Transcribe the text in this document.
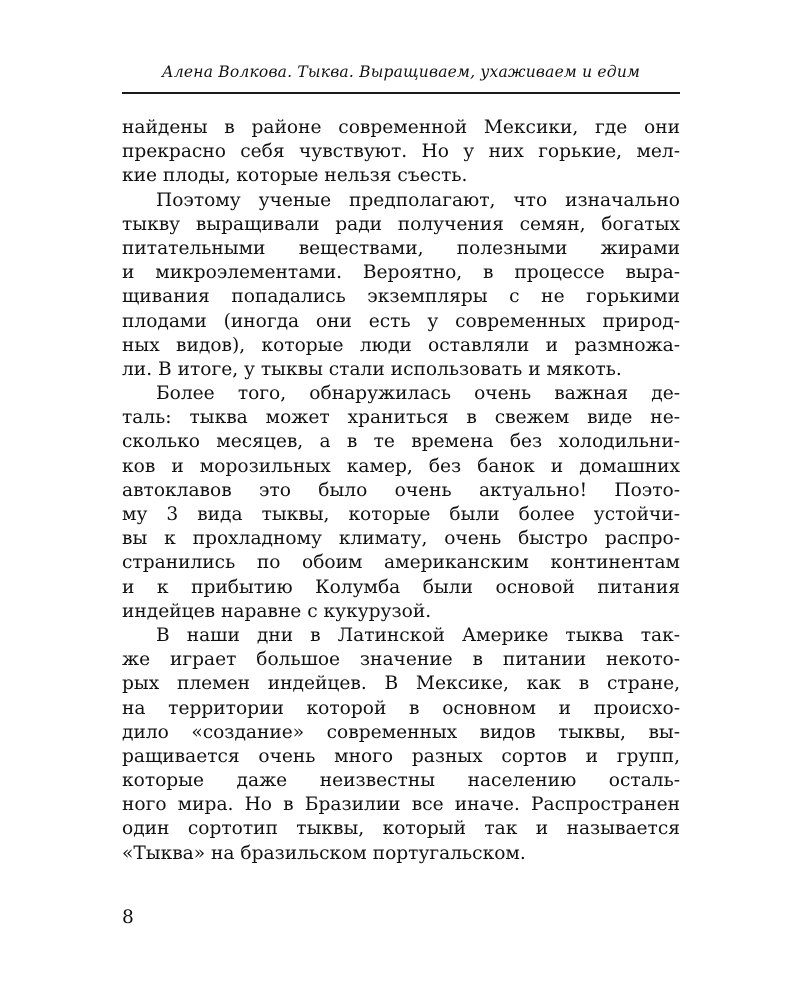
Алена Волкова. Тыква. Выращиваем, ухаживаем и едим
найдены в районе современной Мексики, где они
прекрасно себя чувствуют. Но у них горькие, мел-
кие плоды, которые нельзя съесть.
Поэтому ученые предполагают, что изначально
тыкву выращивали ради получения семян, богатых
питательными веществами, полезными жирами
и микроэлементами. Вероятно, в процессе выра-
щивания попадались экземпляры с не горькими
плодами (иногда они есть у современных природ-
ных видов), которые люди оставляли и размножа-
ли. В итоге, у тыквы стали использовать и мякоть.
Более того, обнаружилась очень важная де-
таль: тыква может храниться в свежем виде не-
сколько месяцев, а в те времена без холодильни-
ков и морозильных камер, без банок и домашних
автоклавов это было очень актуально! Поэто-
му 3 вида тыквы, которые были более устойчи-
вы к прохладному климату, очень быстро распро-
странились по обоим американским континентам
и к прибытию Колумба были основой питания
индейцев наравне с кукурузой.
В наши дни в Латинской Америке тыква так-
же играет большое значение в питании некото-
рых племен индейцев. В Мексике, как в стране,
на территории которой в основном и происхо-
дило «создание» современных видов тыквы, вы-
ращивается очень много разных сортов и групп,
которые даже неизвестны населению осталь-
ного мира. Но в Бразилии все иначе. Распространен
один сортотип тыквы, который так и называется
«Тыква» на бразильском португальском.
8
